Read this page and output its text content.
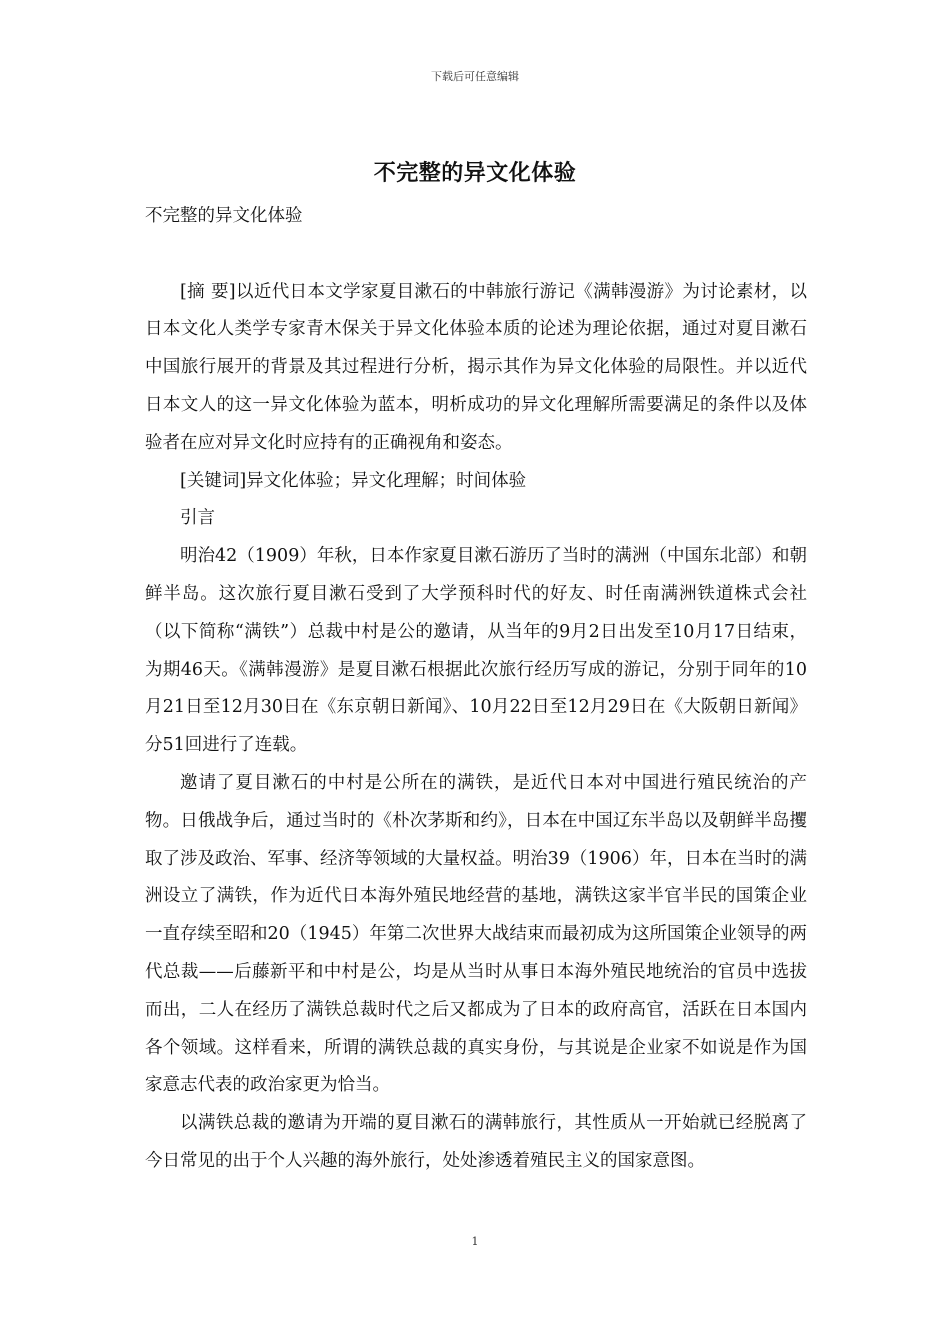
下载后可任意编辑
不完整的异文化体验

不完整的异文化体验

[摘 要]以近代日本文学家夏目漱石的中韩旅行游记《满韩漫游》为讨论素材，以日本文化人类学专家青木保关于异文化体验本质的论述为理论依据，通过对夏目漱石中国旅行展开的背景及其过程进行分析，揭示其作为异文化体验的局限性。并以近代日本文人的这一异文化体验为蓝本，明析成功的异文化理解所需要满足的条件以及体验者在应对异文化时应持有的正确视角和姿态。

[关键词]异文化体验；异文化理解；时间体验

引言

明治42（1909）年秋，日本作家夏目漱石游历了当时的满洲（中国东北部）和朝鲜半岛。这次旅行夏目漱石受到了大学预科时代的好友、时任南满洲铁道株式会社（以下简称“满铁”）总裁中村是公的邀请，从当年的9月2日出发至10月17日结束，为期46天。《满韩漫游》是夏目漱石根据此次旅行经历写成的游记，分别于同年的10月21日至12月30日在《东京朝日新闻》、10月22日至12月29日在《大阪朝日新闻》分51回进行了连载。

邀请了夏目漱石的中村是公所在的满铁，是近代日本对中国进行殖民统治的产物。日俄战争后，通过当时的《朴次茅斯和约》，日本在中国辽东半岛以及朝鲜半岛攫取了涉及政治、军事、经济等领域的大量权益。明治39（1906）年，日本在当时的满洲设立了满铁，作为近代日本海外殖民地经营的基地，满铁这家半官半民的国策企业一直存续至昭和20（1945）年第二次世界大战结束而最初成为这所国策企业领导的两代总裁——后藤新平和中村是公，均是从当时从事日本海外殖民地统治的官员中选拔而出，二人在经历了满铁总裁时代之后又都成为了日本的政府高官，活跃在日本国内各个领域。这样看来，所谓的满铁总裁的真实身份，与其说是企业家不如说是作为国家意志代表的政治家更为恰当。

以满铁总裁的邀请为开端的夏目漱石的满韩旅行，其性质从一开始就已经脱离了今日常见的出于个人兴趣的海外旅行，处处渗透着殖民主义的国家意图。

1
